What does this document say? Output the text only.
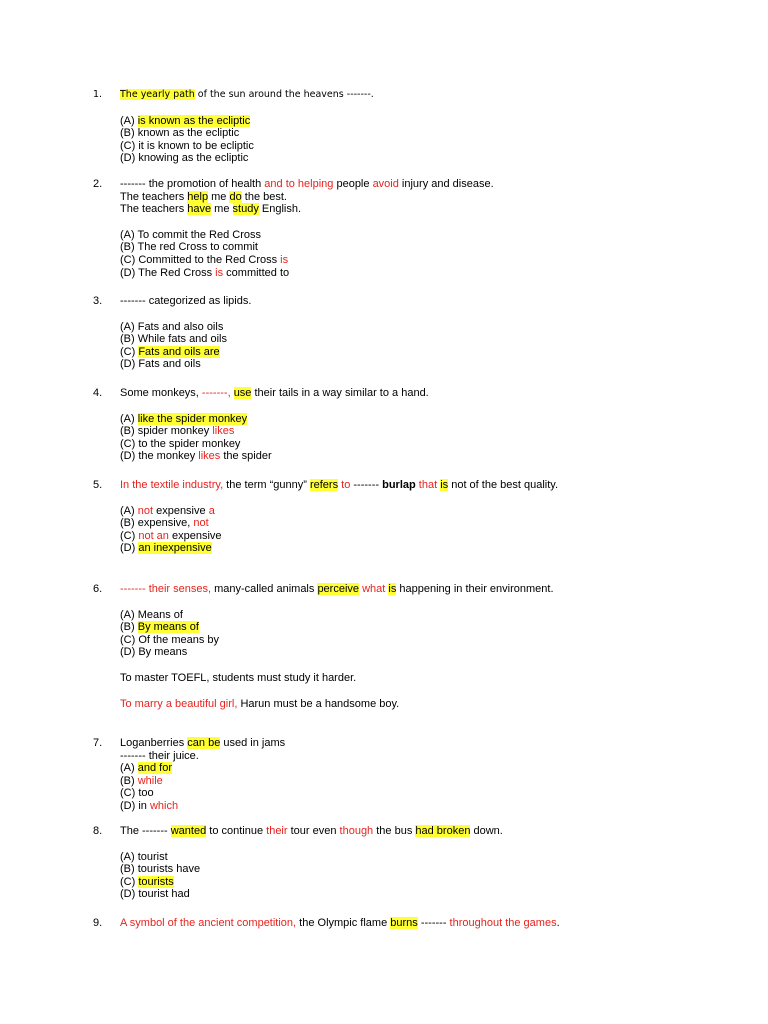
1. The yearly path of the sun around the heavens -------.
(A) is known as the ecliptic
(B) known as the ecliptic
(C) it is known to be ecliptic
(D) knowing as the ecliptic
2. ------- the promotion of health and to helping people avoid injury and disease.
The teachers help me do the best.
The teachers have me study English.
(A) To commit the Red Cross
(B) The red Cross to commit
(C) Committed to the Red Cross is
(D) The Red Cross is committed to
3. ------- categorized as lipids.
(A) Fats and also oils
(B) While fats and oils
(C) Fats and oils are
(D) Fats and oils
4. Some monkeys, -------, use their tails in a way similar to a hand.
(A) like the spider monkey
(B) spider monkey likes
(C) to the spider monkey
(D) the monkey likes the spider
5. In the textile industry, the term “gunny” refers to ------- burlap that is not of the best quality.
(A) not expensive a
(B) expensive, not
(C) not an expensive
(D) an inexpensive
6. ------- their senses, many-called animals perceive what is happening in their environment.
(A) Means of
(B) By means of
(C) Of the means by
(D) By means
To master TOEFL, students must study it harder.
To marry a beautiful girl, Harun must be a handsome boy.
7. Loganberries can be used in jams
------- their juice.
(A) and for
(B) while
(C) too
(D) in which
8. The ------- wanted to continue their tour even though the bus had broken down.
(A) tourist
(B) tourists have
(C) tourists
(D) tourist had
9. A symbol of the ancient competition, the Olympic flame burns ------- throughout the games.
